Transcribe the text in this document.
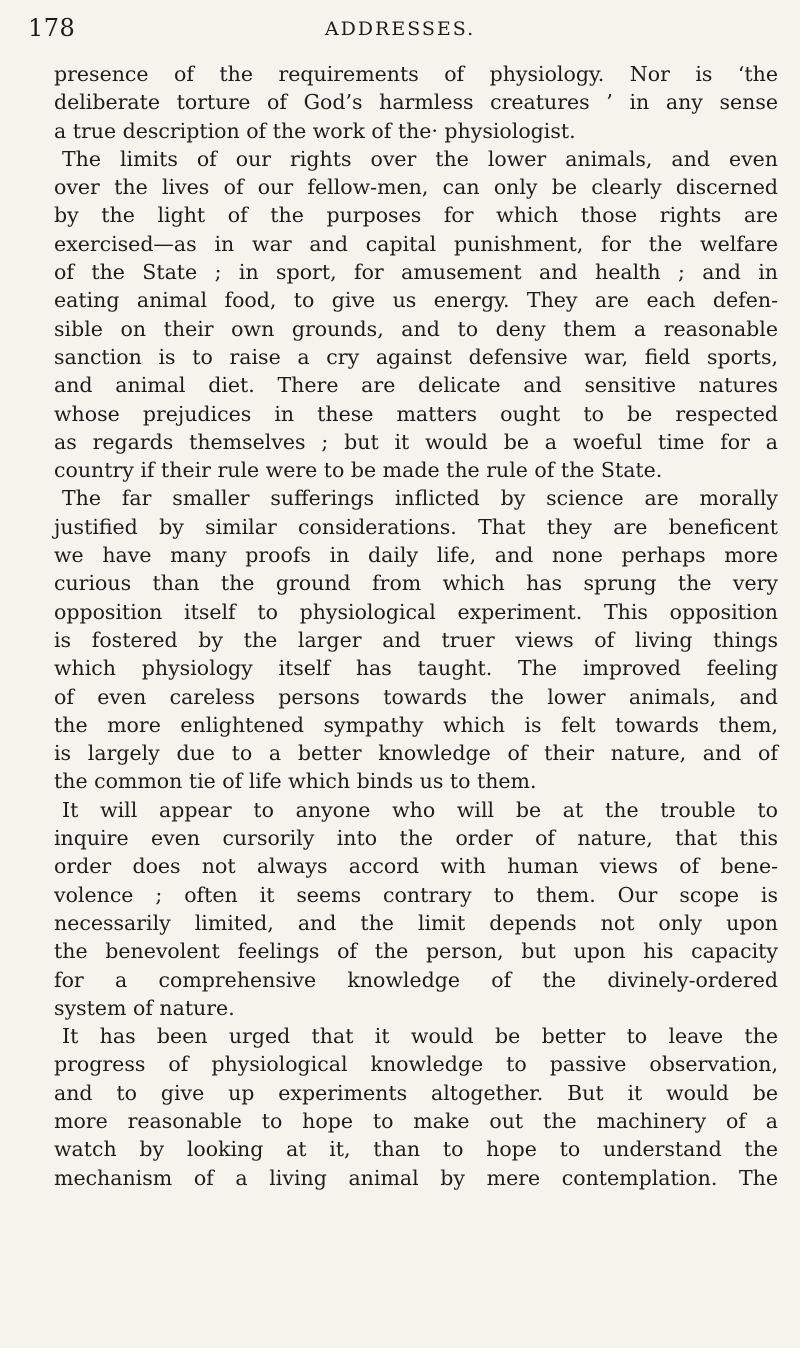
178	ADDRESSES.
presence of the requirements of physiology. Nor is ‘the
deliberate torture of God’s harmless creatures ’ in any sense
a true description of the work of the· physiologist.
The limits of our rights over the lower animals, and even
over the lives of our fellow-men, can only be clearly discerned
by the light of the purposes for which those rights are
exercised—as in war and capital punishment, for the welfare
of the State ; in sport, for amusement and health ; and in
eating animal food, to give us energy. They are each defen-
sible on their own grounds, and to deny them a reasonable
sanction is to raise a cry against defensive war, field sports,
and animal diet. There are delicate and sensitive natures
whose prejudices in these matters ought to be respected
as regards themselves ; but it would be a woeful time for a
country if their rule were to be made the rule of the State.
The far smaller sufferings inflicted by science are morally
justified by similar considerations. That they are beneficent
we have many proofs in daily life, and none perhaps more
curious than the ground from which has sprung the very
opposition itself to physiological experiment. This opposition
is fostered by the larger and truer views of living things
which physiology itself has taught. The improved feeling
of even careless persons towards the lower animals, and
the more enlightened sympathy which is felt towards them,
is largely due to a better knowledge of their nature, and of
the common tie of life which binds us to them.
It will appear to anyone who will be at the trouble to
inquire even cursorily into the order of nature, that this
order does not always accord with human views of bene-
volence ; often it seems contrary to them. Our scope is
necessarily limited, and the limit depends not only upon
the benevolent feelings of the person, but upon his capacity
for a comprehensive knowledge of the divinely-ordered
system of nature.
It has been urged that it would be better to leave the
progress of physiological knowledge to passive observation,
and to give up experiments altogether. But it would be
more reasonable to hope to make out the machinery of a
watch by looking at it, than to hope to understand the
mechanism of a living animal by mere contemplation. The
